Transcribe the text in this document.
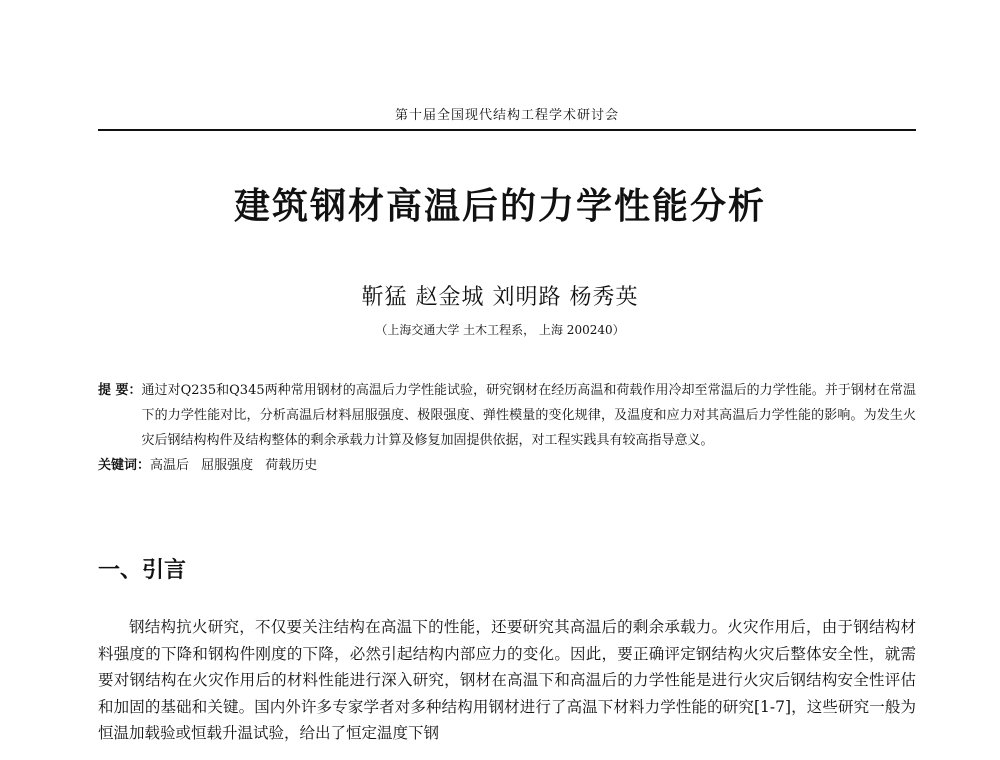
第十届全国现代结构工程学术研讨会
建筑钢材高温后的力学性能分析
靳猛 赵金城 刘明路 杨秀英
（上海交通大学 土木工程系， 上海 200240）
提 要： 通过对Q235和Q345两种常用钢材的高温后力学性能试验，研究钢材在经历高温和荷载作用冷却至常温后的力学性能。并于钢材在常温下的力学性能对比，分析高温后材料屈服强度、极限强度、弹性模量的变化规律，及温度和应力对其高温后力学性能的影响。为发生火灾后钢结构构件及结构整体的剩余承载力计算及修复加固提供依据，对工程实践具有较高指导意义。
关键词： 高温后 屈服强度 荷载历史
一、引言
钢结构抗火研究，不仅要关注结构在高温下的性能，还要研究其高温后的剩余承载力。火灾作用后，由于钢结构材料强度的下降和钢构件刚度的下降，必然引起结构内部应力的变化。因此，要正确评定钢结构火灾后整体安全性，就需要对钢结构在火灾作用后的材料性能进行深入研究，钢材在高温下和高温后的力学性能是进行火灾后钢结构安全性评估和加固的基础和关键。国内外许多专家学者对多种结构用钢材进行了高温下材料力学性能的研究[1-7]，这些研究一般为恒温加载验或恒载升温试验，给出了恒定温度下钢
